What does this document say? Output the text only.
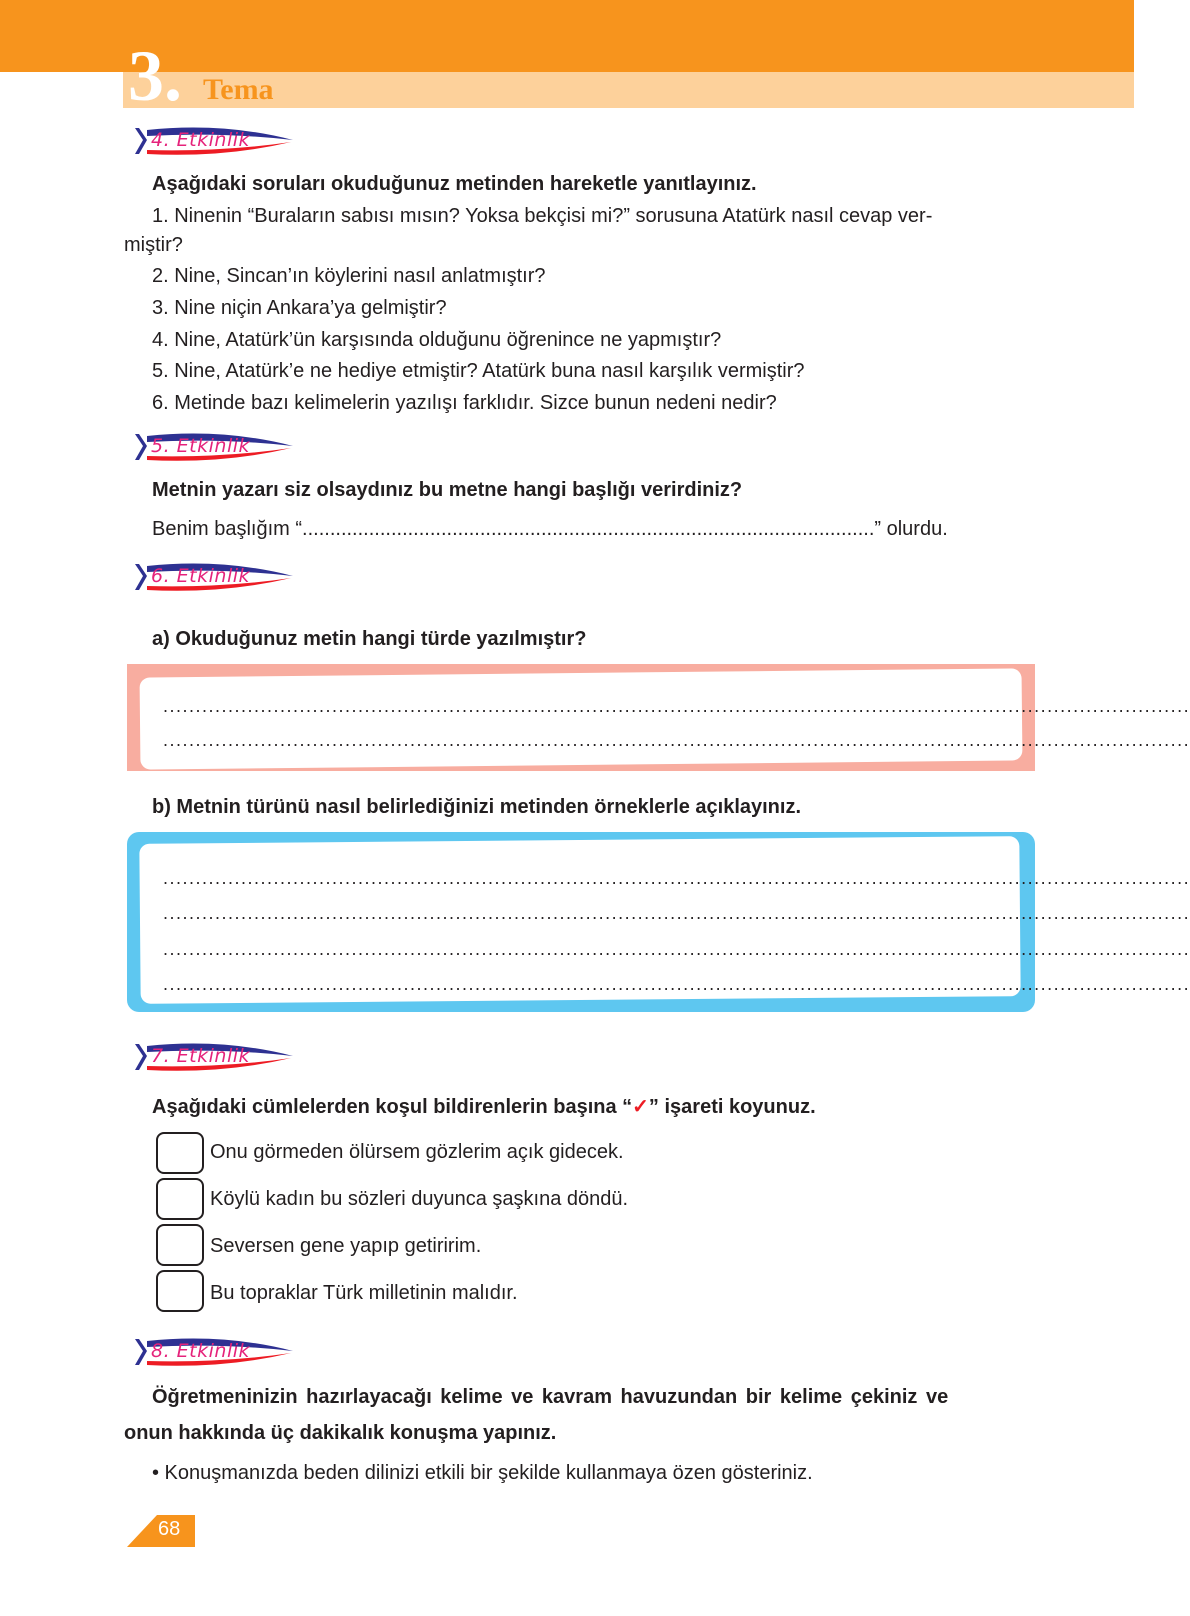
3. Tema
4. Etkinlik
Aşağıdaki soruları okuduğunuz metinden hareketle yanıtlayınız.
1. Ninenin “Buraların sabısı mısın? Yoksa bekçisi mi?” sorusuna Atatürk nasıl cevap ver-
miştir?
2. Nine, Sincan’ın köylerini nasıl anlatmıştır?
3. Nine niçin Ankara’ya gelmiştir?
4. Nine, Atatürk’ün karşısında olduğunu öğrenince ne yapmıştır?
5. Nine, Atatürk’e ne hediye etmiştir? Atatürk buna nasıl karşılık vermiştir?
6. Metinde bazı kelimelerin yazılışı farklıdır. Sizce bunun nedeni nedir?
5. Etkinlik
Metnin yazarı siz olsaydınız bu metne hangi başlığı verirdiniz?
Benim başlığım “.......................................................................................................” olurdu.
6. Etkinlik
a) Okuduğunuz metin hangi türde yazılmıştır?
..............................................................................................................................................................
..............................................................................................................................................................
b) Metnin türünü nasıl belirlediğinizi metinden örneklerle açıklayınız.
..............................................................................................................................................................
..............................................................................................................................................................
..............................................................................................................................................................
..............................................................................................................................................................
7. Etkinlik
Aşağıdaki cümlelerden koşul bildirenlerin başına “✓” işareti koyunuz.
Onu görmeden ölürsem gözlerim açık gidecek.
Köylü kadın bu sözleri duyunca şaşkına döndü.
Seversen gene yapıp getiririm.
Bu topraklar Türk milletinin malıdır.
8. Etkinlik
Öğretmeninizin hazırlayacağı kelime ve kavram havuzundan bir kelime çekiniz ve
onun hakkında üç dakikalık konuşma yapınız.
• Konuşmanızda beden dilinizi etkili bir şekilde kullanmaya özen gösteriniz.
68
